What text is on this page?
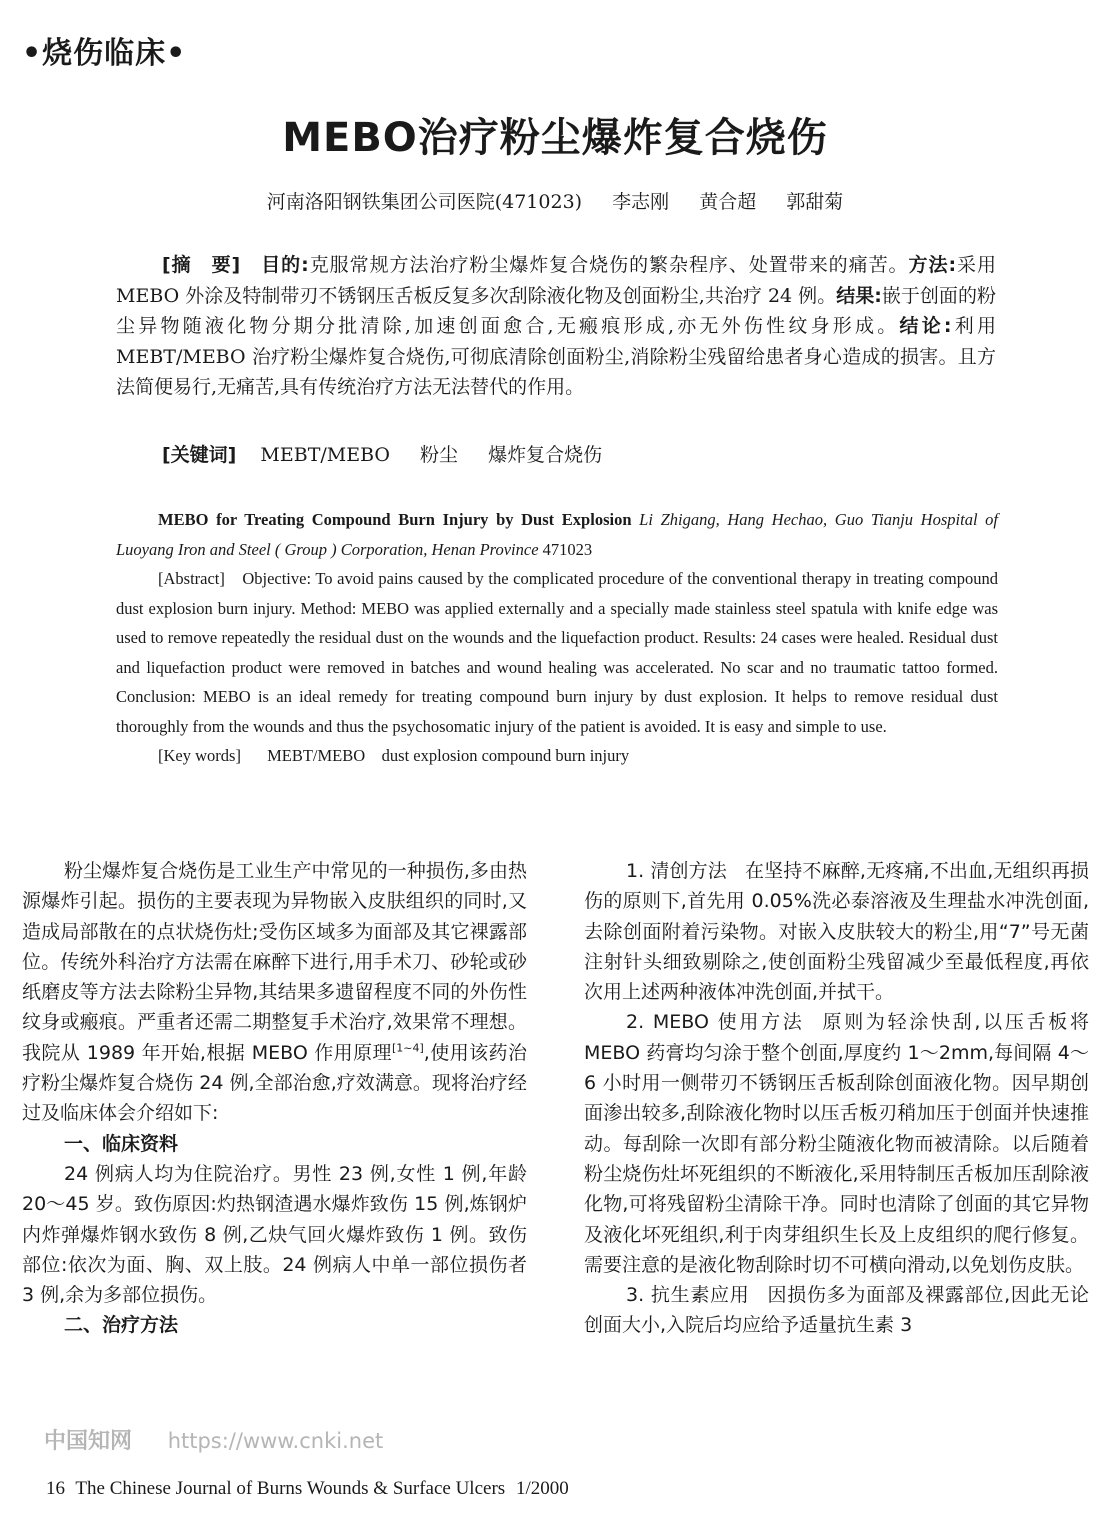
•烧伤临床•
MEBO治疗粉尘爆炸复合烧伤
河南洛阳钢铁集团公司医院(471023) 李志刚 黄合超 郭甜菊

[摘　要] 目的:克服常规方法治疗粉尘爆炸复合烧伤的繁杂程序、处置带来的痛苦。方法:采用 MEBO 外涂及特制带刃不锈钢压舌板反复多次刮除液化物及创面粉尘,共治疗 24 例。结果:嵌于创面的粉尘异物随液化物分期分批清除,加速创面愈合,无瘢痕形成,亦无外伤性纹身形成。结论:利用 MEBT/MEBO 治疗粉尘爆炸复合烧伤,可彻底清除创面粉尘,消除粉尘残留给患者身心造成的损害。且方法简便易行,无痛苦,具有传统治疗方法无法替代的作用。

[关键词] MEBT/MEBO 粉尘 爆炸复合烧伤

MEBO for Treating Compound Burn Injury by Dust Explosion Li Zhigang, Hang Hechao, Guo Tianju Hospital of Luoyang Iron and Steel ( Group ) Corporation, Henan Province 471023

[Abstract]　Objective: To avoid pains caused by the complicated procedure of the conventional therapy in treating compound dust explosion burn injury. Method: MEBO was applied externally and a specially made stainless steel spatula with knife edge was used to remove repeatedly the residual dust on the wounds and the liquefaction product. Results: 24 cases were healed. Residual dust and liquefaction product were removed in batches and wound healing was accelerated. No scar and no traumatic tattoo formed. Conclusion: MEBO is an ideal remedy for treating compound burn injury by dust explosion. It helps to remove residual dust thoroughly from the wounds and thus the psychosomatic injury of the patient is avoided. It is easy and simple to use.

[Key words] MEBT/MEBO　dust explosion compound burn injury

粉尘爆炸复合烧伤是工业生产中常见的一种损伤,多由热源爆炸引起。损伤的主要表现为异物嵌入皮肤组织的同时,又造成局部散在的点状烧伤灶;受伤区域多为面部及其它裸露部位。传统外科治疗方法需在麻醉下进行,用手术刀、砂轮或砂纸磨皮等方法去除粉尘异物,其结果多遗留程度不同的外伤性纹身或瘢痕。严重者还需二期整复手术治疗,效果常不理想。我院从 1989 年开始,根据 MEBO 作用原理[1~4],使用该药治疗粉尘爆炸复合烧伤 24 例,全部治愈,疗效满意。现将治疗经过及临床体会介绍如下:

一、临床资料

24 例病人均为住院治疗。男性 23 例,女性 1 例,年龄 20～45 岁。致伤原因:灼热钢渣遇水爆炸致伤 15 例,炼钢炉内炸弹爆炸钢水致伤 8 例,乙炔气回火爆炸致伤 1 例。致伤部位:依次为面、胸、双上肢。24 例病人中单一部位损伤者 3 例,余为多部位损伤。

二、治疗方法

1. 清创方法 在坚持不麻醉,无疼痛,不出血,无组织再损伤的原则下,首先用 0.05%洗必泰溶液及生理盐水冲洗创面,去除创面附着污染物。对嵌入皮肤较大的粉尘,用“7”号无菌注射针头细致剔除之,使创面粉尘残留减少至最低程度,再依次用上述两种液体冲洗创面,并拭干。

2. MEBO 使用方法 原则为轻涂快刮,以压舌板将 MEBO 药膏均匀涂于整个创面,厚度约 1～2mm,每间隔 4～6 小时用一侧带刃不锈钢压舌板刮除创面液化物。因早期创面渗出较多,刮除液化物时以压舌板刃稍加压于创面并快速推动。每刮除一次即有部分粉尘随液化物而被清除。以后随着粉尘烧伤灶坏死组织的不断液化,采用特制压舌板加压刮除液化物,可将残留粉尘清除干净。同时也清除了创面的其它异物及液化坏死组织,利于肉芽组织生长及上皮组织的爬行修复。需要注意的是液化物刮除时切不可横向滑动,以免划伤皮肤。

3. 抗生素应用 因损伤多为面部及裸露部位,因此无论创面大小,入院后均应给予适量抗生素 3

中国知网 https://www.cnki.net
16 The Chinese Journal of Burns Wounds & Surface Ulcers 1/2000
